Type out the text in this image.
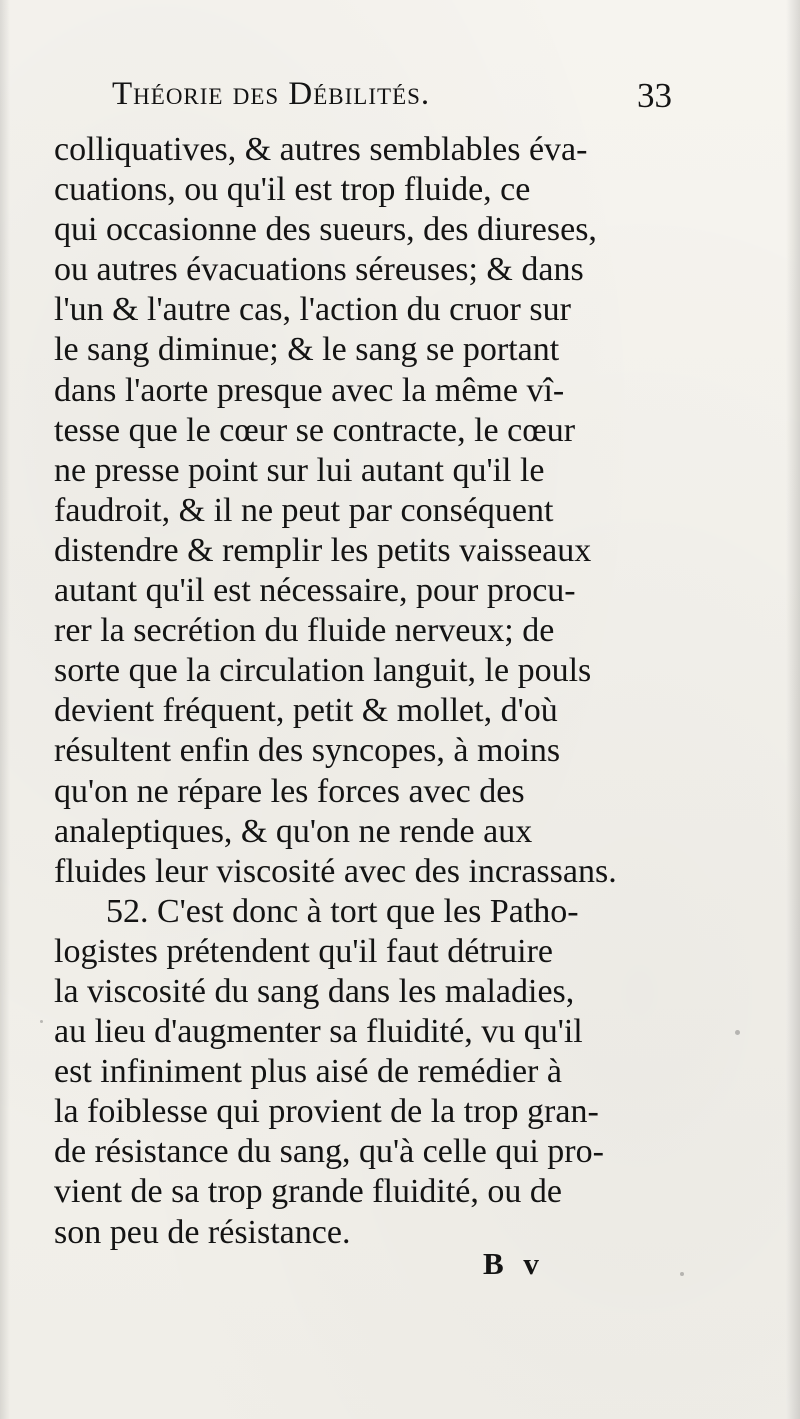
Théorie des Débilités.	33
colliquatives, & autres semblables éva-
cuations, ou qu'il est trop fluide, ce
qui occasionne des sueurs, des diureses,
ou autres évacuations séreuses; & dans
l'un & l'autre cas, l'action du cruor sur
le sang diminue; & le sang se portant
dans l'aorte presque avec la même vî-
tesse que le cœur se contracte, le cœur
ne presse point sur lui autant qu'il le
faudroit, & il ne peut par conséquent
distendre & remplir les petits vaisseaux
autant qu'il est nécessaire, pour procu-
rer la secrétion du fluide nerveux; de
sorte que la circulation languit, le pouls
devient fréquent, petit & mollet, d'où
résultent enfin des syncopes, à moins
qu'on ne répare les forces avec des
analeptiques, & qu'on ne rende aux
fluides leur viscosité avec des incrassans.
52. C'est donc à tort que les Patho-
logistes prétendent qu'il faut détruire
la viscosité du sang dans les maladies,
au lieu d'augmenter sa fluidité, vu qu'il
est infiniment plus aisé de remédier à
la foiblesse qui provient de la trop gran-
de résistance du sang, qu'à celle qui pro-
vient de sa trop grande fluidité, ou de
son peu de résistance.
B v
